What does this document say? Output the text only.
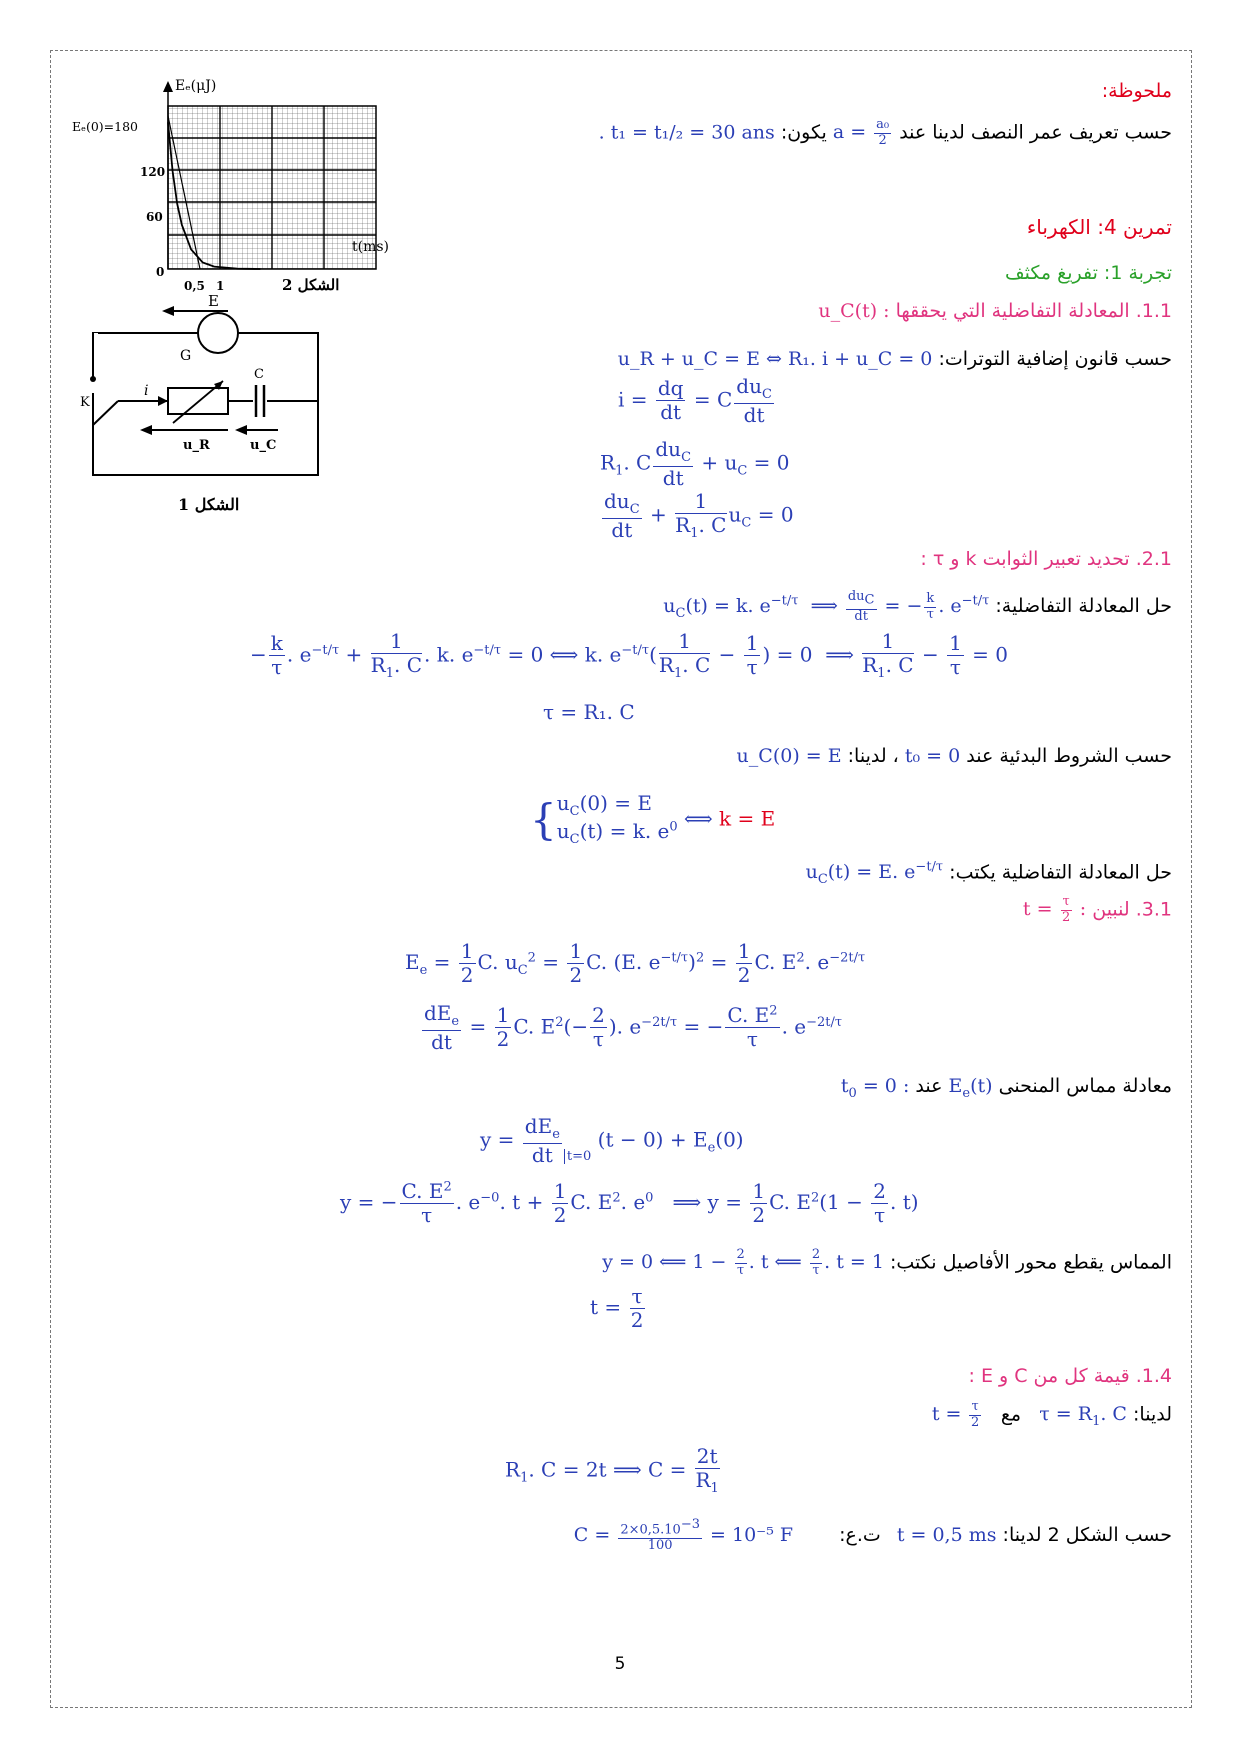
Eₑ(μJ)
t(ms)
Eₑ(0)=180
120
60
0
0,5 1	الشكل 2
E
G
K
C
i
u_R	u_C
الشكل 1
ملحوظة:
حسب تعريف عمر النصف لدينا عند $a = \frac{\text{a₀}}{2}$
يكون: . t₁ = t₁/₂ = 30 ans
تمرين 4: الكهرباء
تجربة 1: تفريغ مكثف
1.1. المعادلة التفاضلية التي يحققها u_C(t) :
حسب قانون إضافية التوترات: u_R + u_C = E ⇔ R₁. i + u_C = 0
$i = \frac{dq}{dt} = C \frac{du_C}{dt}$
$R_1$. C $\frac{du_C}{dt} + u_C = 0$
$\frac{du_C}{dt} + \frac{1}{R_1. C} u_C = 0$
2.1. تحديد تعبير الثوابت k و τ :
حل المعادلة التفاضلية: $u_C(t) = k$. $e^{-t/\tau}$  ⟹ $\frac{du_C}{dt}$ = − $\frac{k}{\tau}$ . $e^{-t/\tau}$
− $\frac{k}{\tau}$ . $e^{-t/\tau} + \frac{1}{R_1. C}$ . k. $e^{-t/\tau} = 0$ ⟺ k. $e^{-t/\tau}( \frac{1}{R_1. C} - \frac{1}{\tau}$ ) = 0  ⟹ $\frac{1}{R_1. C} - \frac{1}{\tau} = 0$
τ = R₁. C
حسب الشروط البدئية عند t₀ = 0 ، لدينا: u_C(0) = E
{$u_C(0) = E$
$u_C(t) = k$. $e^0$ ⟺ k = E
حل المعادلة التفاضلية يكتب: $u_C(t) = E$. $e^{-t/\tau}$
3.1. لنبين $t = \frac{\tau}{2}$ :
$E_e = \frac{1}{2} C$. $u_C^2 = \frac{1}{2} C$. (E. $e^{-t/\tau})^2 = \frac{1}{2} C$. $E^2$. $e^{-2t/\tau}$
$\frac{dE_e}{dt} = \frac{1}{2} C$. $E^2(- \frac{2}{\tau}$ ). $e^{-2t/\tau}$ = − $\frac{C. E^2}{\tau}$ . $e^{-2t/\tau}$
معادلة مماس المنحنى $E_e(t)$ عند $t_0 = 0$ :
$y = \frac{dE_e}{dt} _{t=0}$ $(t - 0) + E_e(0)$
y = − $\frac{C. E^2}{\tau}$ . $e^{-0}$. $t + \frac{1}{2} C$. $E^2$. $e^0$   ⟹ $y = \frac{1}{2} C$. $E^2(1 - \frac{2}{\tau}$ . t)
المماس يقطع محور الأفاصيل نكتب: y = 0 ⟸ $1 - \frac{2}{\tau}$ . t ⟸ $\frac{2}{\tau}$ . t = 1
$t = \frac{\tau}{2}$
1.4. قيمة كل من C و E :
لدينا: $\tau = R_1$. C   مع   $t = \frac{\tau}{2}$
$R_1$. C = 2t ⟹ $C = \frac{2t}{R_1}$
حسب الشكل 2 لدينا: t = 0,5 ms ت.ع: $C = \frac{2\times 0,5.10^{-3}}{100} = 10^{-5}$ F
5
